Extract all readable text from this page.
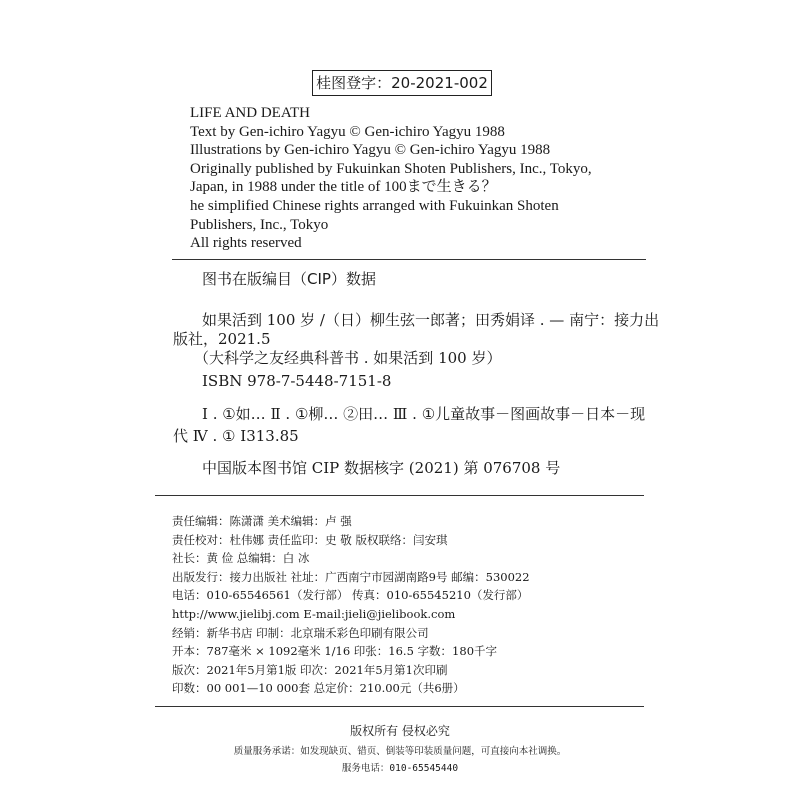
桂图登字：20-2021-002
LIFE AND DEATH
Text by Gen-ichiro Yagyu © Gen-ichiro Yagyu 1988
Illustrations by Gen-ichiro Yagyu © Gen-ichiro Yagyu 1988
Originally published by Fukuinkan Shoten Publishers, Inc., Tokyo,
Japan, in 1988 under the title of 100まで生きる？
he simplified Chinese rights arranged with Fukuinkan Shoten
Publishers, Inc., Tokyo
All rights reserved
图书在版编目（CIP）数据
如果活到 100 岁 /（日）柳生弦一郎著；田秀娟译 . — 南宁：接力出
版社，2021.5
（大科学之友经典科普书 . 如果活到 100 岁）
ISBN 978-7-5448-7151-8
Ⅰ . ①如… Ⅱ . ①柳… ②田… Ⅲ . ①儿童故事－图画故事－日本－现
代 Ⅳ . ① I313.85
中国版本图书馆 CIP 数据核字 (2021) 第 076708 号
责任编辑：陈潇潇 美术编辑：卢 强
责任校对：杜伟娜 责任监印：史 敬 版权联络：闫安琪
社长：黄 俭 总编辑：白 冰
出版发行：接力出版社 社址：广西南宁市园湖南路9号 邮编：530022
电话：010-65546561（发行部） 传真：010-65545210（发行部）
http://www.jielibj.com E-mail:jieli@jielibook.com
经销：新华书店 印制：北京瑞禾彩色印刷有限公司
开本：787毫米 × 1092毫米 1/16 印张：16.5 字数：180千字
版次：2021年5月第1版 印次：2021年5月第1次印刷
印数：00 001—10 000套 总定价：210.00元（共6册）
版权所有 侵权必究
质量服务承诺：如发现缺页、错页、倒装等印装质量问题，可直接向本社调换。
服务电话：010-65545440
